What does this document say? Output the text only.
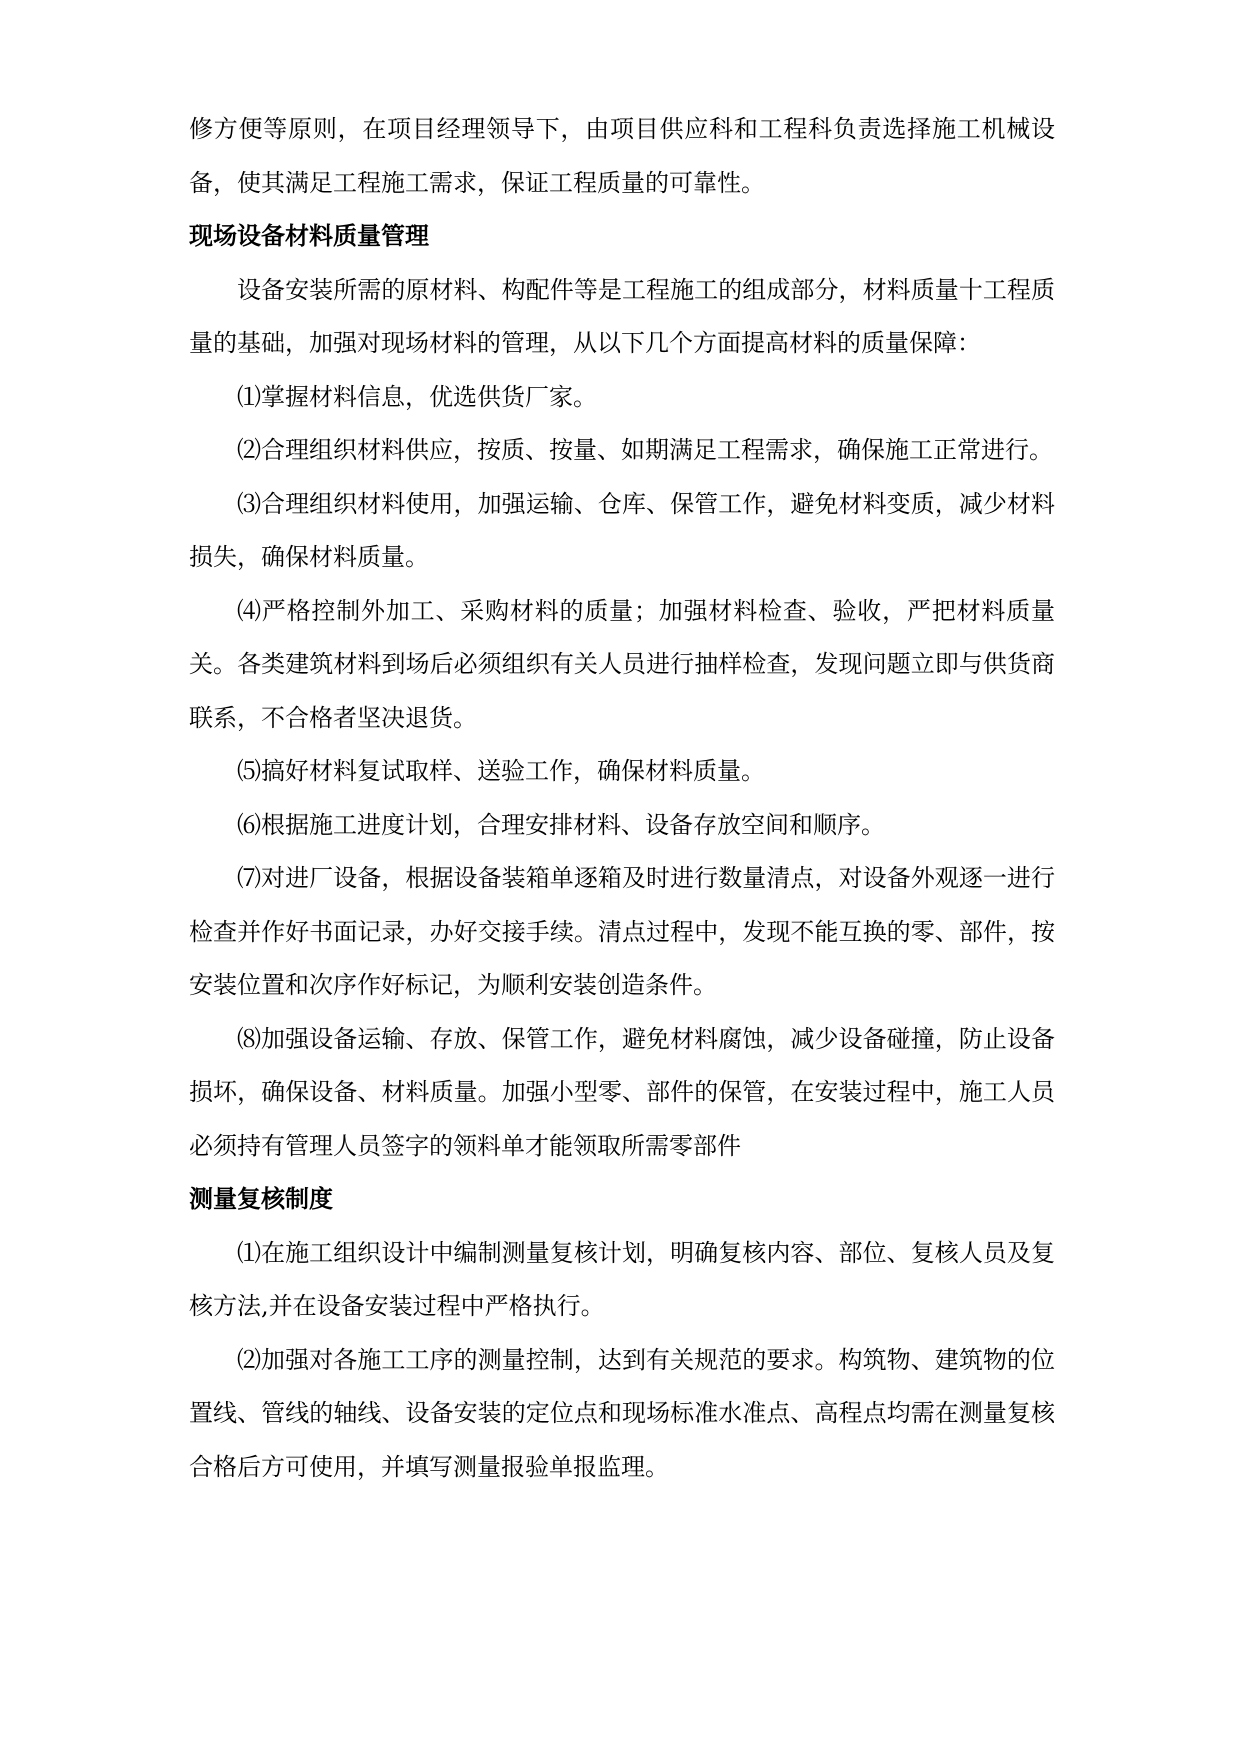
修方便等原则，在项目经理领导下，由项目供应科和工程科负责选择施工机械设备，使其满足工程施工需求，保证工程质量的可靠性。

现场设备材料质量管理

设备安装所需的原材料、构配件等是工程施工的组成部分，材料质量十工程质量的基础，加强对现场材料的管理，从以下几个方面提高材料的质量保障：

⑴掌握材料信息，优选供货厂家。

⑵合理组织材料供应，按质、按量、如期满足工程需求，确保施工正常进行。

⑶合理组织材料使用，加强运输、仓库、保管工作，避免材料变质，减少材料损失，确保材料质量。

⑷严格控制外加工、采购材料的质量；加强材料检查、验收，严把材料质量关。各类建筑材料到场后必须组织有关人员进行抽样检查，发现问题立即与供货商联系，不合格者坚决退货。

⑸搞好材料复试取样、送验工作，确保材料质量。

⑹根据施工进度计划，合理安排材料、设备存放空间和顺序。

⑺对进厂设备，根据设备装箱单逐箱及时进行数量清点，对设备外观逐一进行检查并作好书面记录，办好交接手续。清点过程中，发现不能互换的零、部件，按安装位置和次序作好标记，为顺利安装创造条件。

⑻加强设备运输、存放、保管工作，避免材料腐蚀，减少设备碰撞，防止设备损坏，确保设备、材料质量。加强小型零、部件的保管，在安装过程中，施工人员必须持有管理人员签字的领料单才能领取所需零部件

测量复核制度

⑴在施工组织设计中编制测量复核计划，明确复核内容、部位、复核人员及复核方法,并在设备安装过程中严格执行。

⑵加强对各施工工序的测量控制，达到有关规范的要求。构筑物、建筑物的位置线、管线的轴线、设备安装的定位点和现场标准水准点、高程点均需在测量复核合格后方可使用，并填写测量报验单报监理。
